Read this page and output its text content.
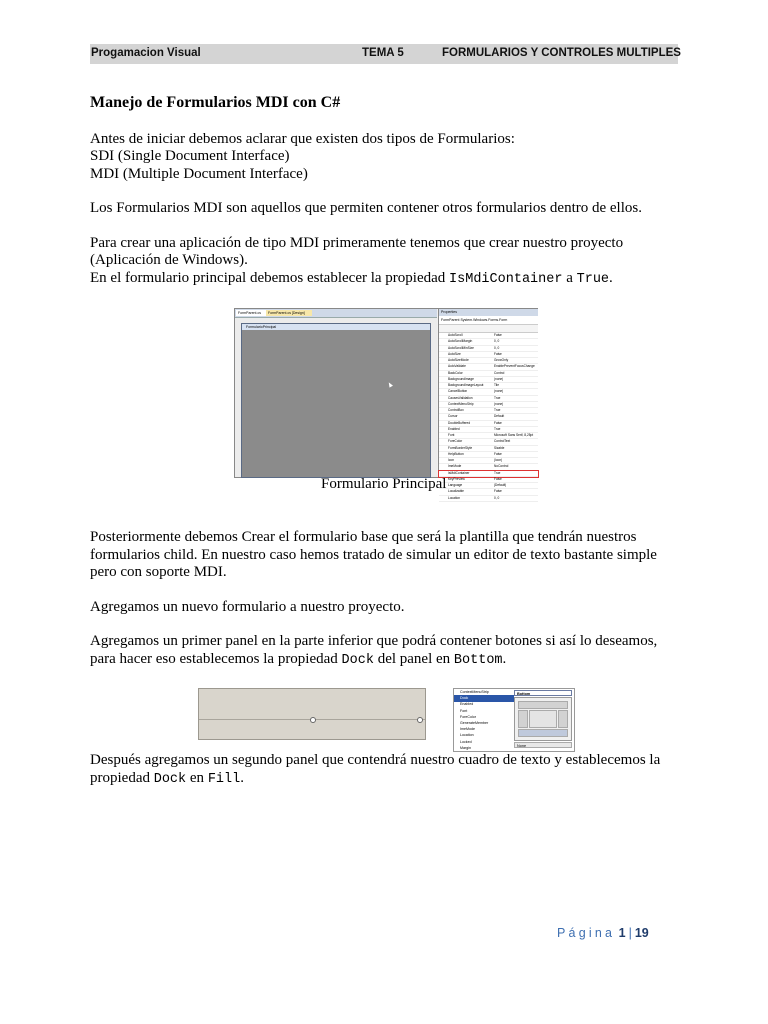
Progamacion Visual	TEMA 5	FORMULARIOS Y CONTROLES MULTIPLES

Manejo de Formularios MDI con C#

Antes de iniciar debemos aclarar que existen dos tipos de Formularios:
SDI (Single Document Interface)
MDI (Multiple Document Interface)

Los Formularios MDI son aquellos que permiten contener otros formularios dentro de ellos.

Para crear una aplicación de tipo MDI primeramente tenemos que crear nuestro proyecto (Aplicación de Windows).
En el formulario principal debemos establecer la propiedad IsMdiContainer a True.

FormParent.cs	FormParent.cs [Design]
FormularioPrincipal
Properties
FormParent System.Windows.Forms.Form
AutoScroll	False
AutoScrollMargin	0, 0
AutoScrollMinSize	0, 0
AutoSize	False
AutoSizeMode	GrowOnly
AutoValidate	EnablePreventFocusChange
BackColor	Control
BackgroundImage	(none)
BackgroundImageLayout	Tile
CancelButton	(none)
CausesValidation	True
ContextMenuStrip	(none)
ControlBox	True
Cursor	Default
DoubleBuffered	False
Enabled	True
Font	Microsoft Sans Serif, 8,25pt
ForeColor	ControlText
FormBorderStyle	Sizable
HelpButton	False
Icon	(Icon)
ImeMode	NoControl
IsMdiContainer	True
KeyPreview	False
Language	(Default)
Localizable	False
Location	0, 0
Formulario Principal

Posteriormente debemos Crear el formulario base que será la plantilla que tendrán nuestros formularios child. En nuestro caso hemos tratado de simular un editor de texto bastante simple pero con soporte MDI.

Agregamos un nuevo formulario a nuestro proyecto.

Agregamos un primer panel en la parte inferior que podrá contener botones si así lo deseamos, para hacer eso establecemos la propiedad Dock del panel en Bottom.

ContextMenuStrip
Dock
Enabled
Font
ForeColor
GenerateMember
ImeMode
Location
Locked
Margin
Bottom
None

Después agregamos un segundo panel que contendrá nuestro cuadro de texto y establecemos la propiedad Dock en Fill.

Página 1 | 19
